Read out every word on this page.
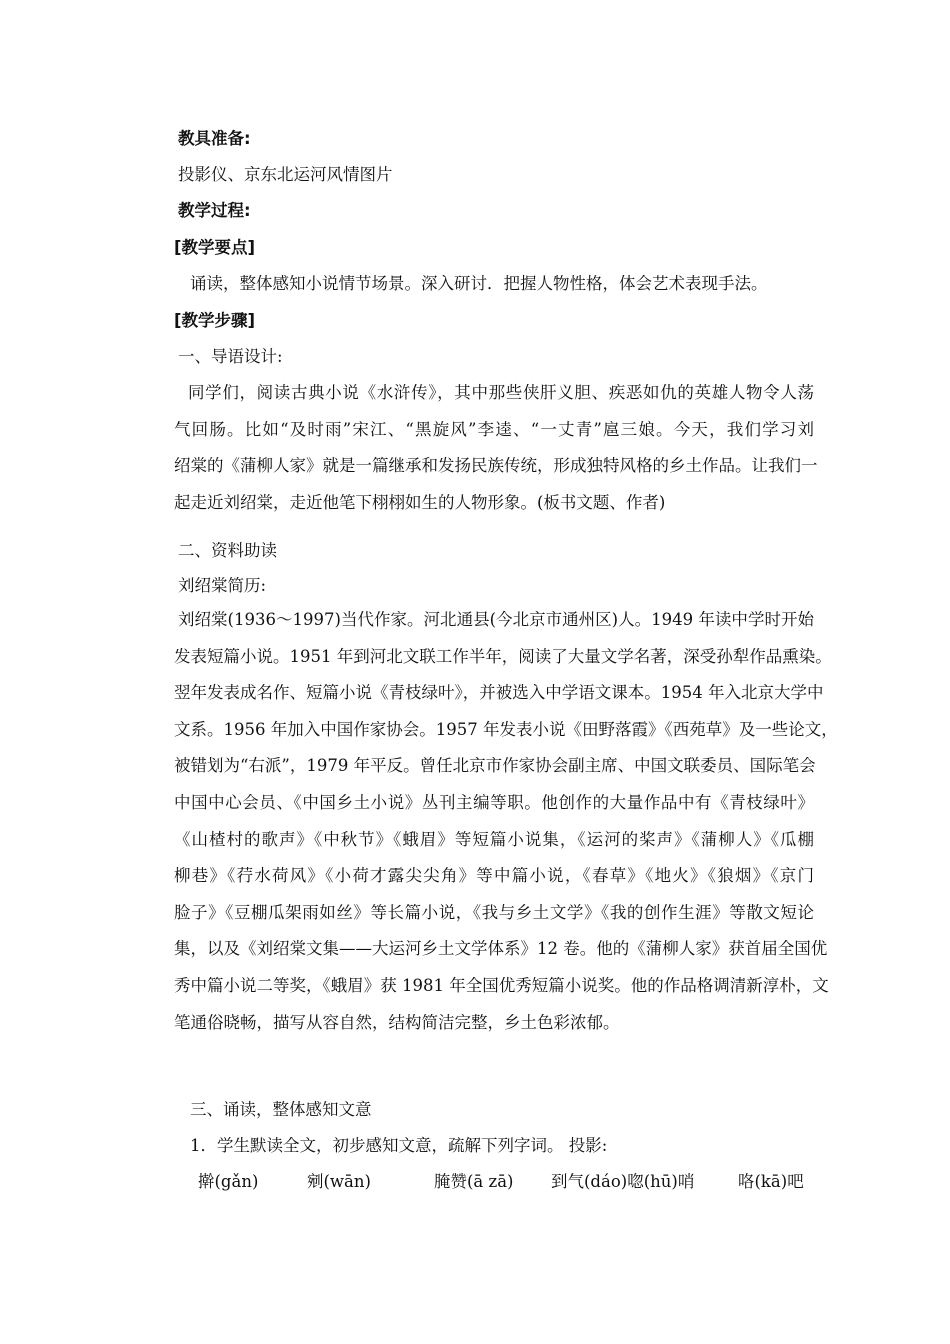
教具准备:
投影仪、京东北运河风情图片
教学过程:
[教学要点]
诵读，整体感知小说情节场景。深入研讨．把握人物性格，体会艺术表现手法。
[教学步骤]
一、导语设计:
同学们，阅读古典小说《水浒传》，其中那些侠肝义胆、疾恶如仇的英雄人物令人荡
气回肠。比如“及时雨”宋江、“黑旋风”李逵、“一丈青”扈三娘。今天，我们学习刘
绍棠的《蒲柳人家》就是一篇继承和发扬民族传统，形成独特风格的乡土作品。让我们一
起走近刘绍棠，走近他笔下栩栩如生的人物形象。(板书文题、作者)
二、资料助读
刘绍棠简历:
刘绍棠(1936～1997)当代作家。河北通县(今北京市通州区)人。1949 年读中学时开始
发表短篇小说。1951 年到河北文联工作半年，阅读了大量文学名著，深受孙犁作品熏染。
翌年发表成名作、短篇小说《青枝绿叶》，并被选入中学语文课本。1954 年入北京大学中
文系。1956 年加入中国作家协会。1957 年发表小说《田野落霞》《西苑草》及一些论文，
被错划为“右派”，1979 年平反。曾任北京市作家协会副主席、中国文联委员、国际笔会
中国中心会员、《中国乡土小说》丛刊主编等职。他创作的大量作品中有《青枝绿叶》
《山楂村的歌声》《中秋节》《蛾眉》等短篇小说集，《运河的桨声》《蒲柳人》《瓜棚
柳巷》《荇水荷风》《小荷才露尖尖角》等中篇小说，《春草》《地火》《狼烟》《京门
脸子》《豆棚瓜架雨如丝》等长篇小说，《我与乡土文学》《我的创作生涯》等散文短论
集，以及《刘绍棠文集——大运河乡土文学体系》12 卷。他的《蒲柳人家》获首届全国优
秀中篇小说二等奖，《蛾眉》获 1981 年全国优秀短篇小说奖。他的作品格调清新淳朴，文
笔通俗晓畅，描写从容自然，结构简洁完整，乡土色彩浓郁。
三、诵读，整体感知文意
1．学生默读全文，初步感知文意，疏解下列字词。 投影:
擀(gǎn)	剜(wān)	腌赞(ā zā) 到气(dáo)唿(hū)哨	咯(kā)吧
